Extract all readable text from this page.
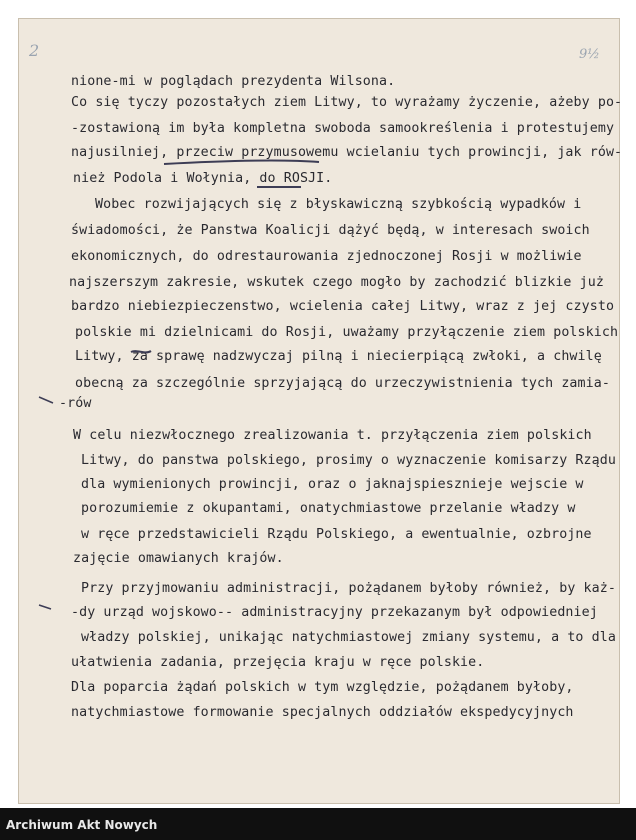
2	9½
nione-mi w poglądach prezydenta Wilsona.
Co się tyczy pozostałych ziem Litwy, to wyrażamy życzenie, ażeby po-
-zostawioną im była kompletna swoboda samookreślenia i protestujemy
najusilniej, przeciw przymusowemu wcielaniu tych prowincji, jak rów-
nież Podola i Wołynia, do ROSJI.
Wobec rozwijających się z błyskawiczną szybkością wypadków i
świadomości, że Panstwa Koalicji dążyć będą, w interesach swoich
ekonomicznych, do odrestaurowania zjednoczonej Rosji w możliwie
najszerszym zakresie, wskutek czego mogło by zachodzić blizkie już
bardzo niebiezpieczenstwo, wcielenia całej Litwy, wraz z jej czysto
polskie mi dzielnicami do Rosji, uważamy przyłączenie ziem polskich
Litwy, za sprawę nadzwyczaj pilną i niecierpiącą zwłoki, a chwilę
obecną za szczególnie sprzyjającą do urzeczywistnienia tych zamia-
-rów
W celu niezwłocznego zrealizowania t. przyłączenia ziem polskich
Litwy, do panstwa polskiego, prosimy o wyznaczenie komisarzy Rządu
dla wymienionych prowincji, oraz o jaknajspiesznieje wejscie w
porozumiemie z okupantami, onatychmiastowe przelanie władzy w
w ręce przedstawicieli Rządu Polskiego, a ewentualnie, ozbrojne
zajęcie omawianych krajów.
Przy przyjmowaniu administracji, pożądanem byłoby również, by każ-
-dy urząd wojskowo-- administracyjny przekazanym był odpowiedniej
władzy polskiej, unikając natychmiastowej zmiany systemu, a to dla
ułatwienia zadania, przejęcia kraju w ręce polskie.
Dla poparcia żądań polskich w tym względzie, pożądanem byłoby,
natychmiastowe formowanie specjalnych oddziałów ekspedycyjnych
Archiwum Akt Nowych
